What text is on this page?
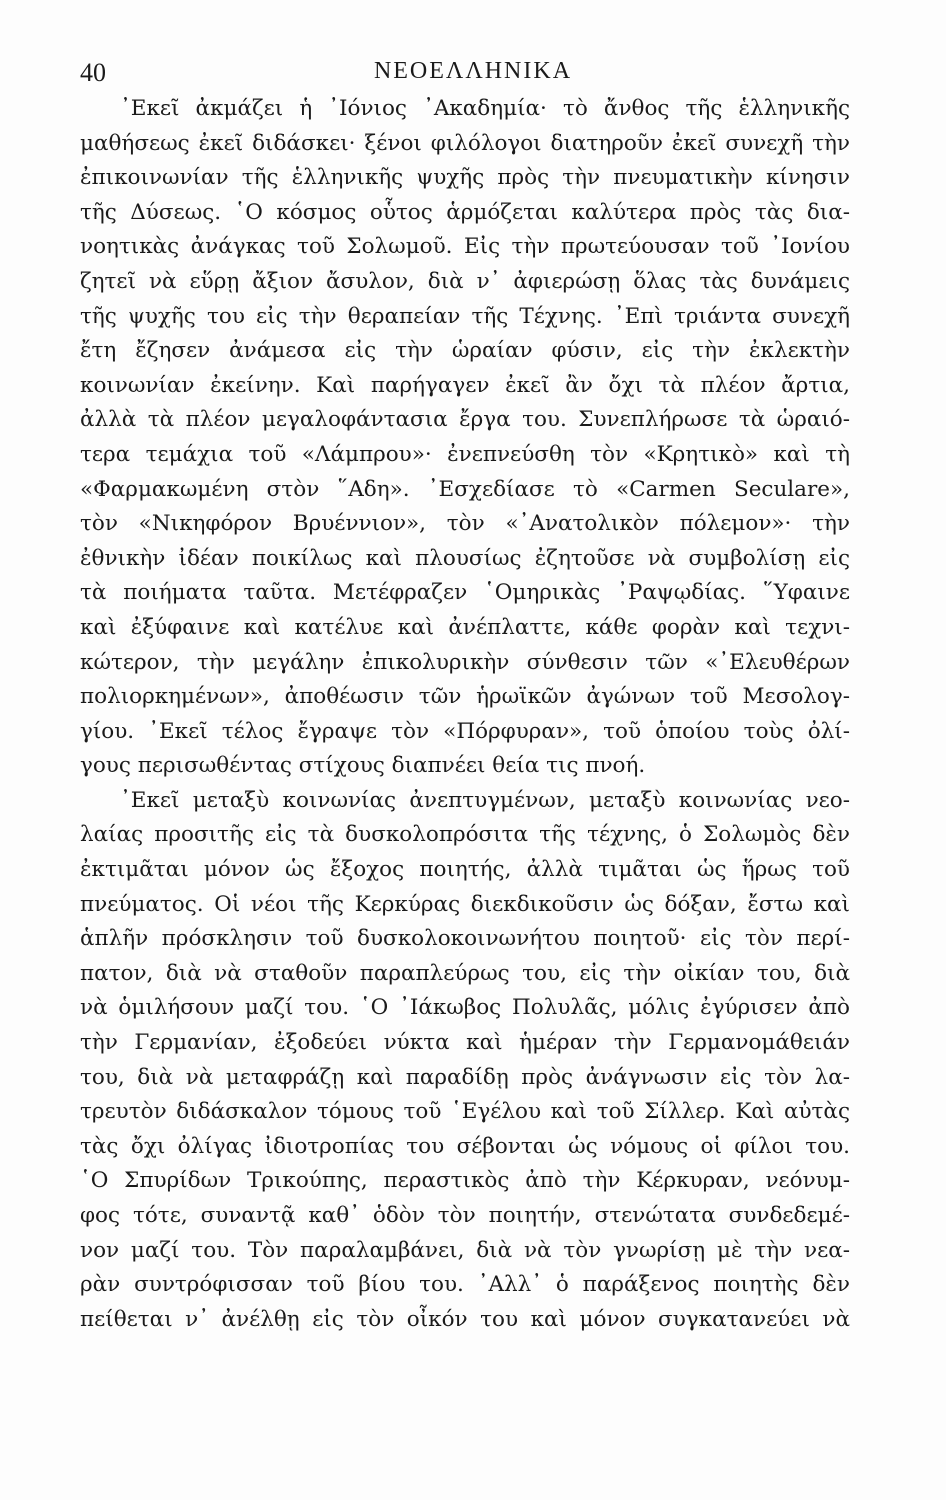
40	ΝΕΟΕΛΛΗΝΙΚΑ
᾿Εκεῖ ἀκμάζει ἡ ᾿Ιόνιος ᾿Ακαδημία· τὸ ἄνθος τῆς ἑλληνικῆς
μαθήσεως ἐκεῖ διδάσκει· ξένοι φιλόλογοι διατηροῦν ἐκεῖ συνεχῆ τὴν
ἐπικοινωνίαν τῆς ἑλληνικῆς ψυχῆς πρὸς τὴν πνευματικὴν κίνησιν
τῆς Δύσεως. ῾Ο κόσμος οὗτος ἁρμόζεται καλύτερα πρὸς τὰς δια-
νοητικὰς ἀνάγκας τοῦ Σολωμοῦ. Εἰς τὴν πρωτεύουσαν τοῦ ᾿Ιονίου
ζητεῖ νὰ εὕρῃ ἄξιον ἄσυλον, διὰ ν᾿ ἀφιερώσῃ ὅλας τὰς δυνάμεις
τῆς ψυχῆς του εἰς τὴν θεραπείαν τῆς Τέχνης. ᾿Επὶ τριάντα συνεχῆ
ἔτη ἔζησεν ἀνάμεσα εἰς τὴν ὡραίαν φύσιν, εἰς τὴν ἐκλεκτὴν
κοινωνίαν ἐκείνην. Καὶ παρήγαγεν ἐκεῖ ἂν ὄχι τὰ πλέον ἄρτια,
ἀλλὰ τὰ πλέον μεγαλοφάντασια ἔργα του. Συνεπλήρωσε τὰ ὡραιό-
τερα τεμάχια τοῦ «Λάμπρου»· ἐνεπνεύσθη τὸν «Κρητικὸ» καὶ τὴ
«Φαρμακωμένη στὸν ῞Αδη». ᾿Εσχεδίασε τὸ «Carmen Seculare»,
τὸν «Νικηφόρον Βρυέννιον», τὸν «᾿Ανατολικὸν πόλεμον»· τὴν
ἐθνικὴν ἰδέαν ποικίλως καὶ πλουσίως ἐζητοῦσε νὰ συμβολίσῃ εἰς
τὰ ποιήματα ταῦτα. Μετέφραζεν ῾Ομηρικὰς ᾿Ραψῳδίας. ῞Υφαινε
καὶ ἐξύφαινε καὶ κατέλυε καὶ ἀνέπλαττε, κάθε φορὰν καὶ τεχνι-
κώτερον, τὴν μεγάλην ἐπικολυρικὴν σύνθεσιν τῶν «᾿Ελευθέρων
πολιορκημένων», ἀποθέωσιν τῶν ἡρωϊκῶν ἀγώνων τοῦ Μεσολογ-
γίου. ᾿Εκεῖ τέλος ἔγραψε τὸν «Πόρφυραν», τοῦ ὁποίου τοὺς ὀλί-
γους περισωθέντας στίχους διαπνέει θεία τις πνοή.
᾿Εκεῖ μεταξὺ κοινωνίας ἀνεπτυγμένων, μεταξὺ κοινωνίας νεο-
λαίας προσιτῆς εἰς τὰ δυσκολοπρόσιτα τῆς τέχνης, ὁ Σολωμὸς δὲν
ἐκτιμᾶται μόνον ὡς ἔξοχος ποιητής, ἀλλὰ τιμᾶται ὡς ἥρως τοῦ
πνεύματος. Οἱ νέοι τῆς Κερκύρας διεκδικοῦσιν ὡς δόξαν, ἔστω καὶ
ἁπλῆν πρόσκλησιν τοῦ δυσκολοκοινωνήτου ποιητοῦ· εἰς τὸν περί-
πατον, διὰ νὰ σταθοῦν παραπλεύρως του, εἰς τὴν οἰκίαν του, διὰ
νὰ ὁμιλήσουν μαζί του. ῾Ο ᾿Ιάκωβος Πολυλᾶς, μόλις ἐγύρισεν ἀπὸ
τὴν Γερμανίαν, ἐξοδεύει νύκτα καὶ ἡμέραν τὴν Γερμανομάθειάν
του, διὰ νὰ μεταφράζῃ καὶ παραδίδῃ πρὸς ἀνάγνωσιν εἰς τὸν λα-
τρευτὸν διδάσκαλον τόμους τοῦ ῾Εγέλου καὶ τοῦ Σίλλερ. Καὶ αὐτὰς
τὰς ὄχι ὀλίγας ἰδιοτροπίας του σέβονται ὡς νόμους οἱ φίλοι του.
῾Ο Σπυρίδων Τρικούπης, περαστικὸς ἀπὸ τὴν Κέρκυραν, νεόνυμ-
φος τότε, συναντᾷ καθ᾿ ὁδὸν τὸν ποιητήν, στενώτατα συνδεδεμέ-
νον μαζί του. Τὸν παραλαμβάνει, διὰ νὰ τὸν γνωρίσῃ μὲ τὴν νεα-
ρὰν συντρόφισσαν τοῦ βίου του. ᾿Αλλ᾿ ὁ παράξενος ποιητὴς δὲν
πείθεται ν᾿ ἀνέλθῃ εἰς τὸν οἶκόν του καὶ μόνον συγκατανεύει νὰ
